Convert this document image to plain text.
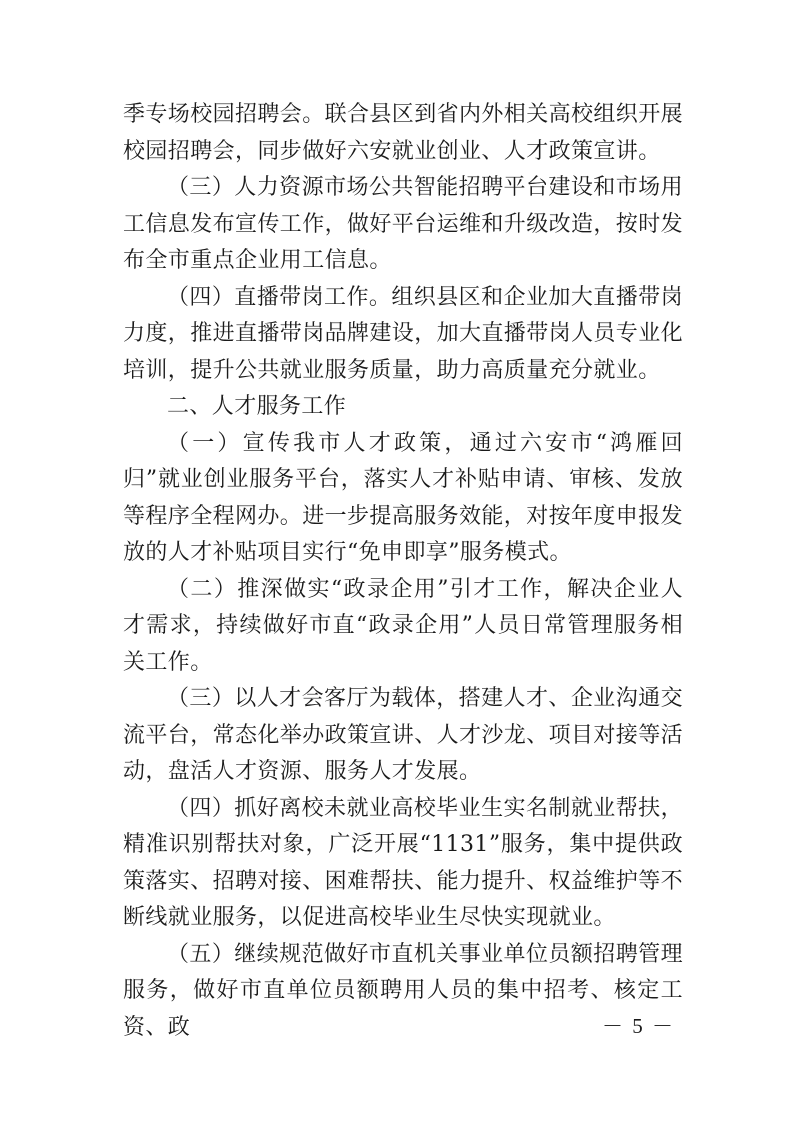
季专场校园招聘会。联合县区到省内外相关高校组织开展校园招聘会，同步做好六安就业创业、人才政策宣讲。

（三）人力资源市场公共智能招聘平台建设和市场用工信息发布宣传工作，做好平台运维和升级改造，按时发布全市重点企业用工信息。

（四）直播带岗工作。组织县区和企业加大直播带岗力度，推进直播带岗品牌建设，加大直播带岗人员专业化培训，提升公共就业服务质量，助力高质量充分就业。

二、人才服务工作

（一）宣传我市人才政策，通过六安市“鸿雁回归”就业创业服务平台，落实人才补贴申请、审核、发放等程序全程网办。进一步提高服务效能，对按年度申报发放的人才补贴项目实行“免申即享”服务模式。

（二）推深做实“政录企用”引才工作，解决企业人才需求，持续做好市直“政录企用”人员日常管理服务相关工作。

（三）以人才会客厅为载体，搭建人才、企业沟通交流平台，常态化举办政策宣讲、人才沙龙、项目对接等活动，盘活人才资源、服务人才发展。

（四）抓好离校未就业高校毕业生实名制就业帮扶，精准识别帮扶对象，广泛开展“1131”服务，集中提供政策落实、招聘对接、困难帮扶、能力提升、权益维护等不断线就业服务，以促进高校毕业生尽快实现就业。

（五）继续规范做好市直机关事业单位员额招聘管理服务，做好市直单位员额聘用人员的集中招考、核定工资、政	－ 5 －
